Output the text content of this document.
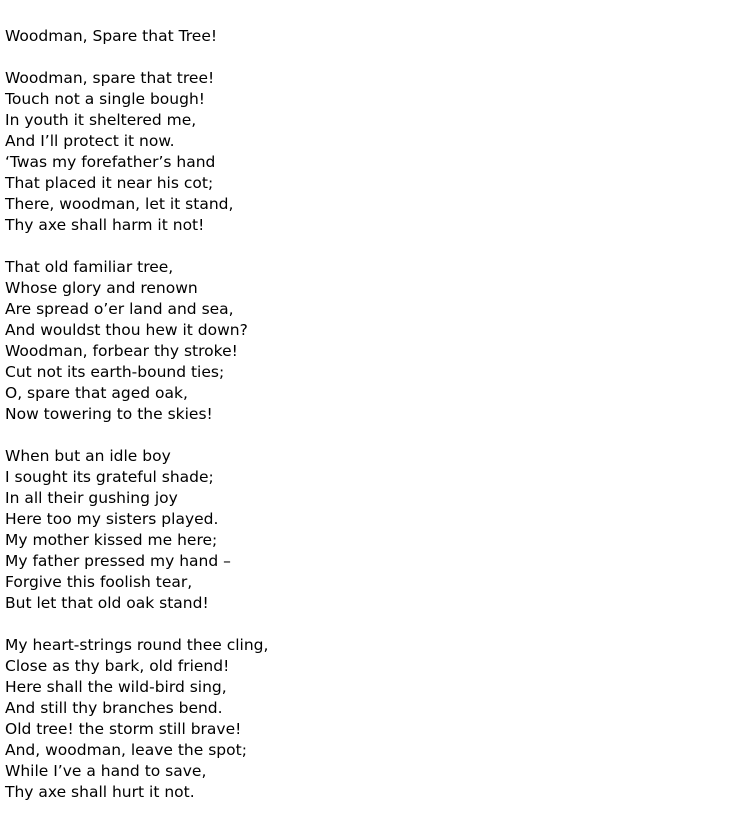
Woodman, Spare that Tree!
Woodman, spare that tree!
Touch not a single bough!
In youth it sheltered me,
And I’ll protect it now.
‘Twas my forefather’s hand
That placed it near his cot;
There, woodman, let it stand,
Thy axe shall harm it not!
That old familiar tree,
Whose glory and renown
Are spread o’er land and sea,
And wouldst thou hew it down?
Woodman, forbear thy stroke!
Cut not its earth-bound ties;
O, spare that aged oak,
Now towering to the skies!
When but an idle boy
I sought its grateful shade;
In all their gushing joy
Here too my sisters played.
My mother kissed me here;
My father pressed my hand –
Forgive this foolish tear,
But let that old oak stand!
My heart-strings round thee cling,
Close as thy bark, old friend!
Here shall the wild-bird sing,
And still thy branches bend.
Old tree! the storm still brave!
And, woodman, leave the spot;
While I’ve a hand to save,
Thy axe shall hurt it not.
